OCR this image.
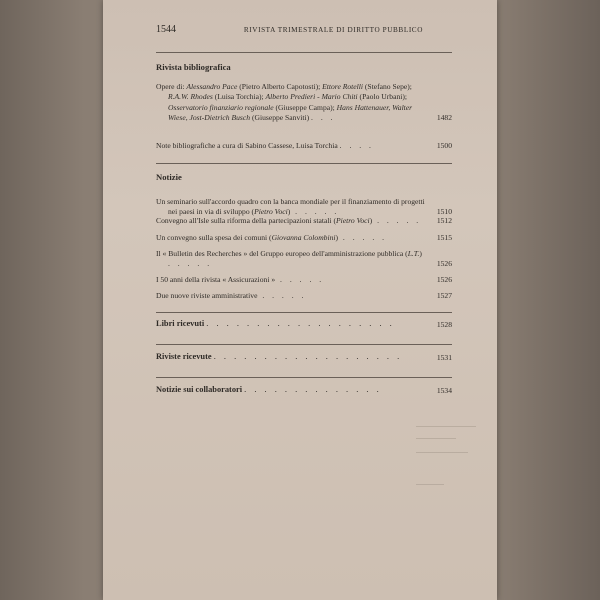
1544	RIVISTA TRIMESTRALE DI DIRITTO PUBBLICO
Rivista bibliografica
Opere di: Alessandro Pace (Pietro Alberto Capotosti); Ettore Rotelli (Stefano Sepe); R.A.W. Rhodes (Luisa Torchia); Alberto Predieri - Mario Chiti (Paolo Urbani); Osservatorio finanziario regionale (Giuseppe Campa); Hans Hattenauer, Walter Wiese, Jost-Dietrich Busch (Giuseppe Sanviti) . . .	1482
Note bibliografiche a cura di Sabino Cassese, Luisa Torchia . . . .	1500
Notizie
Un seminario sull'accordo quadro con la banca mondiale per il finanziamento di progetti nei paesi in via di sviluppo (Pietro Voci) . . . . .	1510
Convegno all'Isle sulla riforma della partecipazioni statali (Pietro Voci) . . . . .	1512
Un convegno sulla spesa dei comuni (Giovanna Colombini) . . . . .	1515
Il « Bulletin des Recherches » del Gruppo europeo dell'amministrazione pubblica (L.T.) . . . . .	1526
I 50 anni della rivista « Assicurazioni » . . . . .	1526
Due nuove riviste amministrative . . . . .	1527
Libri ricevuti . . . . . . . . . . . . . . . . . . .	1528
Riviste ricevute . . . . . . . . . . . . . . . . . . .	1531
Notizie sui collaboratori . . . . . . . . . . . . . .	1534
